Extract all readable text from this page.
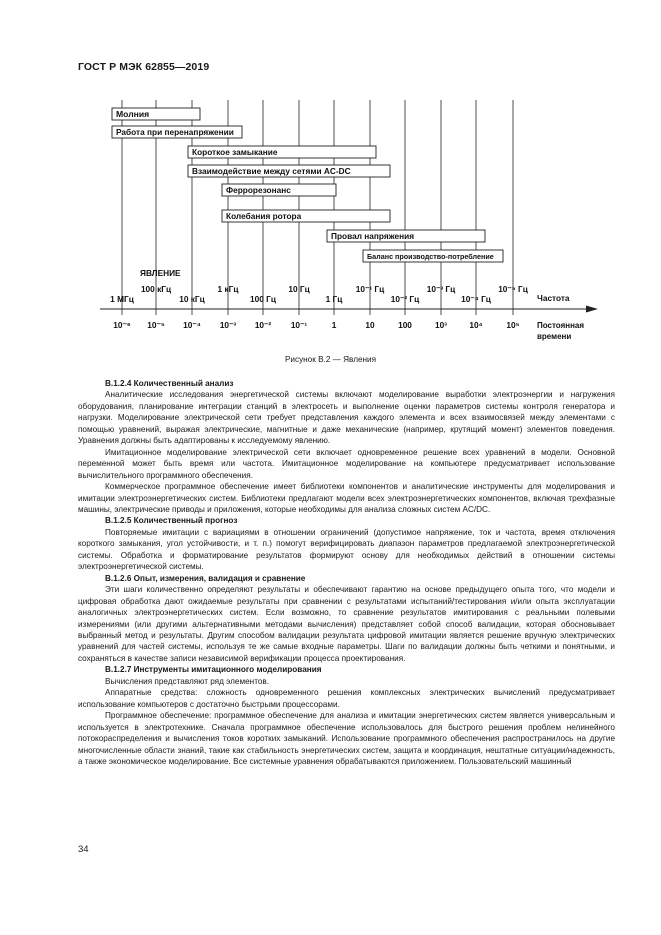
ГОСТ Р МЭК 62855—2019
Молния
Работа при перенапряжении
Короткое замыкание
Взаимодействие между сетями AC-DC
Феррорезонанс
Колебания ротора
Провал напряжения
Баланс производство-потребление
ЯВЛЕНИЕ
1 МГц
100 кГц
10 кГц
1 кГц
100 Гц
10 Гц
1 Гц
10⁻¹ Гц
10⁻² Гц
10⁻³ Гц
10⁻⁴ Гц
10⁻⁵ Гц
10⁻⁶ 10⁻⁵ 10⁻⁴ 10⁻³ 10⁻² 10⁻¹	1	10	100	10³	10⁴	10⁵
Частота
Постоянная
времени
Рисунок В.2 — Явления

В.1.2.4 Количественный анализ

Аналитические исследования энергетической системы включают моделирование выработки электроэнергии и нагружения оборудования, планирование интеграции станций в электросеть и выполнение оценки параметров системы контроля генератора и нагрузки. Моделирование электрической сети требует представления каждого элемента и всех взаимосвязей между элементами с помощью уравнений, выражая электрические, магнитные и даже механические (например, крутящий момент) элементов поведения. Уравнения должны быть адаптированы к исследуемому явлению.

Имитационное моделирование электрической сети включает одновременное решение всех уравнений в модели. Основной переменной может быть время или частота. Имитационное моделирование на компьютере предусматривает использование вычислительного программного обеспечения.

Коммерческое программное обеспечение имеет библиотеки компонентов и аналитические инструменты для моделирования и имитации электроэнергетических систем. Библиотеки предлагают модели всех электроэнергетических компонентов, включая трехфазные машины, электрические приводы и приложения, которые необходимы для анализа сложных систем AC/DC.

В.1.2.5 Количественный прогноз

Повторяемые имитации с вариациями в отношении ограничений (допустимое напряжение, ток и частота, время отключения короткого замыкания, угол устойчивости, и т. п.) помогут верифицировать диапазон параметров предлагаемой электроэнергетической системы. Обработка и форматирование результатов формируют основу для необходимых действий в отношении системы электроэнергетической системы.

В.1.2.6 Опыт, измерения, валидация и сравнение

Эти шаги количественно определяют результаты и обеспечивают гарантию на основе предыдущего опыта того, что модели и цифровая обработка дают ожидаемые результаты при сравнении с результатами испытаний/тестирования и/или опыта эксплуатации аналогичных электроэнергетических систем. Если возможно, то сравнение результатов имитирования с реальными полевыми измерениями (или другими альтернативными методами вычисления) представляет собой способ валидации, которая обосновывает выбранный метод и результаты. Другим способом валидации результата цифровой имитации является решение вручную электрических уравнений для частей системы, используя те же самые входные параметры. Шаги по валидации должны быть четкими и понятными, и сохраняться в качестве записи независимой верификации процесса проектирования.

В.1.2.7 Инструменты имитационного моделирования

Вычисления представляют ряд элементов.

Аппаратные средства: сложность одновременного решения комплексных электрических вычислений предусматривает использование компьютеров с достаточно быстрыми процессорами.

Программное обеспечение: программное обеспечение для анализа и имитации энергетических систем является универсальным и используется в электротехнике. Сначала программное обеспечение использовалось для быстрого решения проблем нелинейного потокораспределения и вычисления токов коротких замыканий. Использование программного обеспечения распространилось на другие многочисленные области знаний, такие как стабильность энергетических систем, защита и координация, нештатные ситуации/надежность, а также экономическое моделирование. Все системные уравнения обрабатываются приложением. Пользовательский машинный

34
